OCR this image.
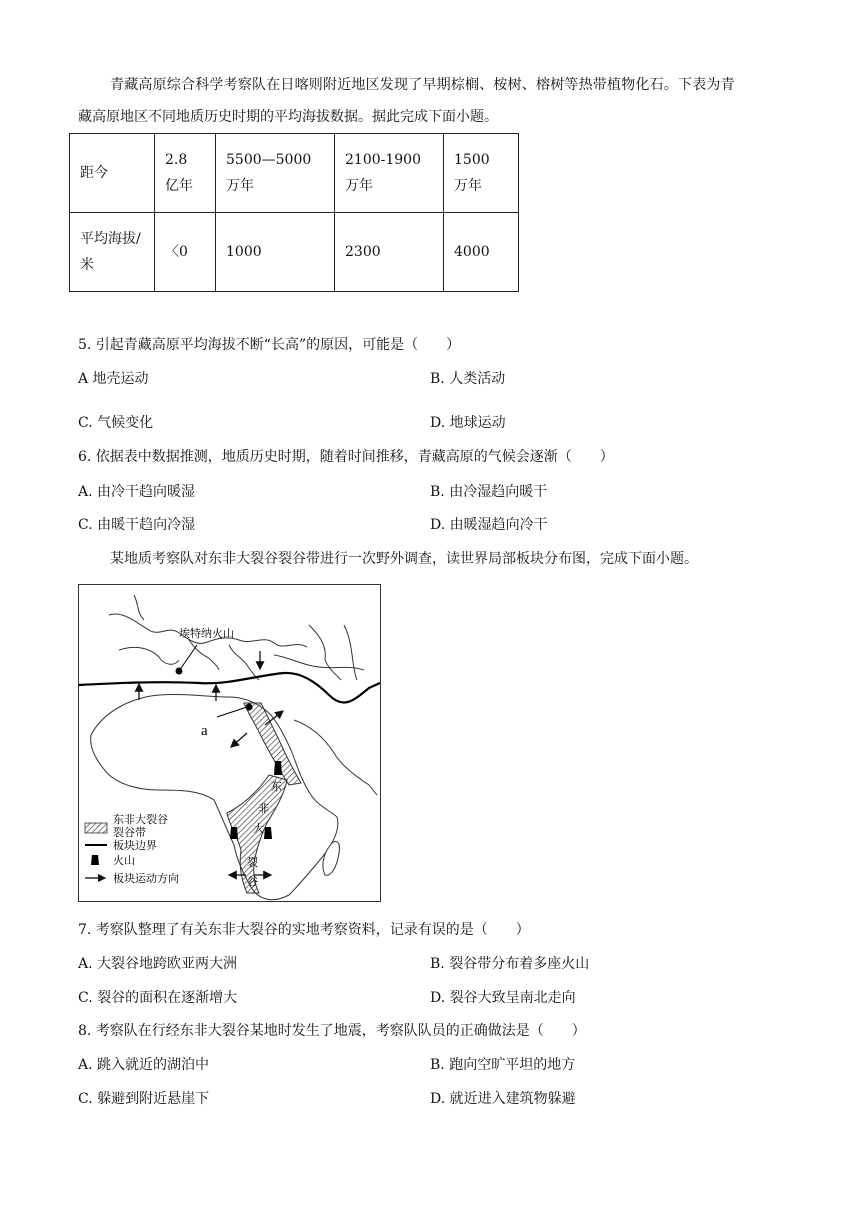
青藏高原综合科学考察队在日喀则附近地区发现了早期棕榈、桉树、榕树等热带植物化石。下表为青
藏高原地区不同地质历史时期的平均海拔数据。据此完成下面小题。
距今	2.8 亿年	5500—5000 万年	2100-1900 万年	1500 万年
平均海拔/米	〈0	1000	2300	4000
5. 引起青藏高原平均海拔不断“长高”的原因，可能是（　　）
A 地壳运动	B. 人类活动
C. 气候变化	D. 地球运动
6. 依据表中数据推测，地质历史时期，随着时间推移，青藏高原的气候会逐渐（　　）
A. 由冷干趋向暖湿	B. 由冷湿趋向暖干
C. 由暖干趋向冷湿	D. 由暖湿趋向冷干
某地质考察队对东非大裂谷裂谷带进行一次野外调查，读世界局部板块分布图，完成下面小题。
埃特纳火山
a
东
非
大
裂
谷
东非大裂谷
裂谷带
板块边界
火山
板块运动方向
7. 考察队整理了有关东非大裂谷的实地考察资料，记录有误的是（　　）
A. 大裂谷地跨欧亚两大洲	B. 裂谷带分布着多座火山
C. 裂谷的面积在逐渐增大	D. 裂谷大致呈南北走向
8. 考察队在行经东非大裂谷某地时发生了地震，考察队队员的正确做法是（　　）
A. 跳入就近的湖泊中	B. 跑向空旷平坦的地方
C. 躲避到附近悬崖下	D. 就近进入建筑物躲避
